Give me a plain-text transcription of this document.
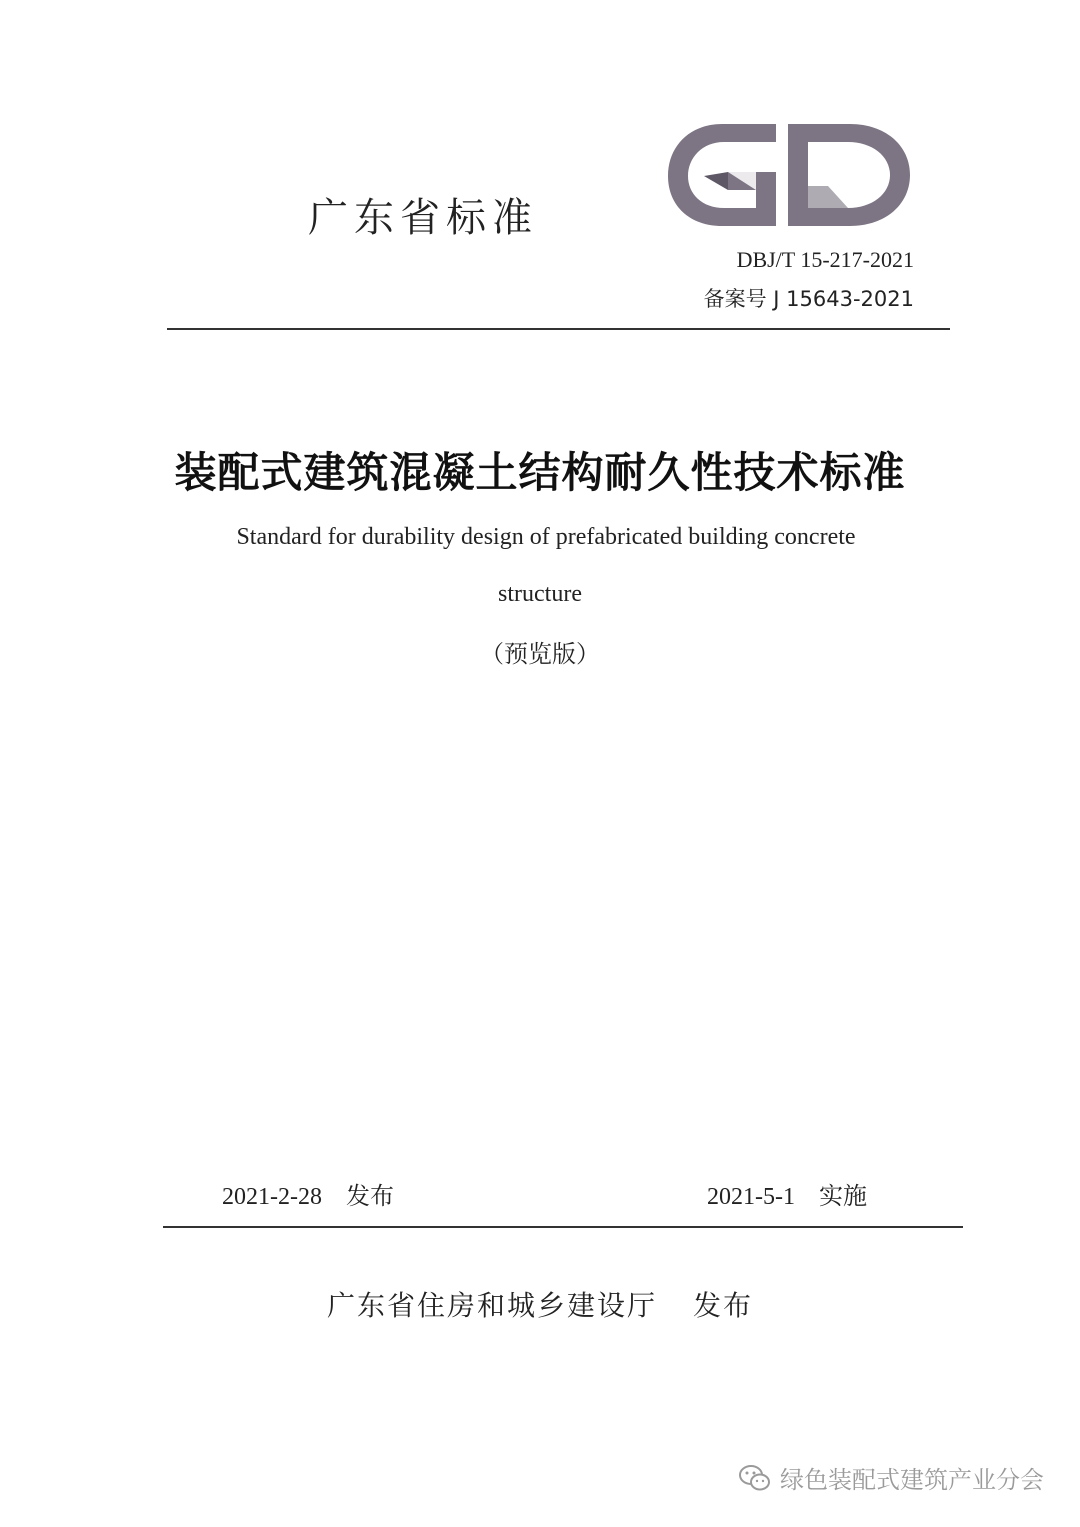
广东省标准
DBJ/T 15-217-2021
备案号 J 15643-2021
装配式建筑混凝土结构耐久性技术标准
Standard for durability design of prefabricated building concrete
structure
（预览版）
2021-2-28 发布	2021-5-1 实施
广东省住房和城乡建设厅 发布
绿色装配式建筑产业分会
